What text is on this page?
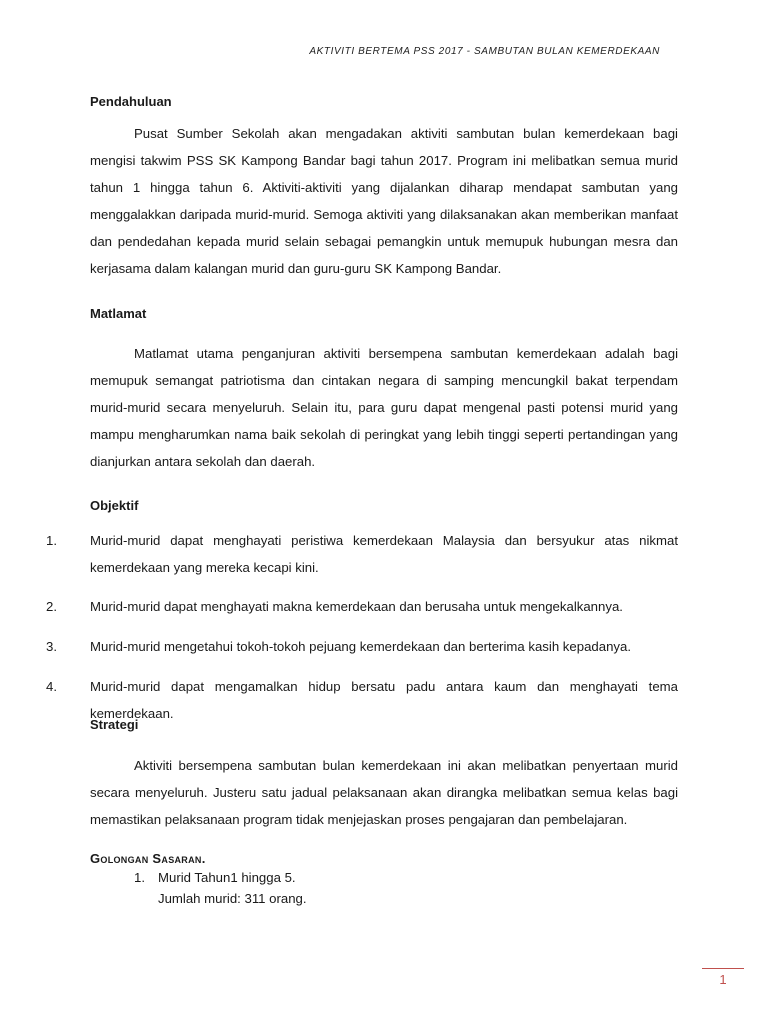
AKTIVITI BERTEMA PSS 2017 - SAMBUTAN BULAN KEMERDEKAAN
Pendahuluan

Pusat Sumber Sekolah akan mengadakan aktiviti sambutan bulan kemerdekaan bagi mengisi takwim PSS SK Kampong Bandar bagi tahun 2017. Program ini melibatkan semua murid tahun 1 hingga tahun 6. Aktiviti-aktiviti yang dijalankan diharap mendapat sambutan yang menggalakkan daripada murid-murid. Semoga aktiviti yang dilaksanakan akan memberikan manfaat dan pendedahan kepada murid selain sebagai pemangkin untuk memupuk hubungan mesra dan kerjasama dalam kalangan murid dan guru-guru SK Kampong Bandar.

Matlamat

Matlamat utama penganjuran aktiviti bersempena sambutan kemerdekaan adalah bagi memupuk semangat patriotisma dan cintakan negara di samping mencungkil bakat terpendam murid-murid secara menyeluruh. Selain itu, para guru dapat mengenal pasti potensi murid yang mampu mengharumkan nama baik sekolah di peringkat yang lebih tinggi seperti pertandingan yang dianjurkan antara sekolah dan daerah.

Objektif
1.	Murid-murid dapat menghayati peristiwa kemerdekaan Malaysia dan bersyukur atas nikmat kemerdekaan yang mereka kecapi kini.
2.	Murid-murid dapat menghayati makna kemerdekaan dan berusaha untuk mengekalkannya.
3.	Murid-murid mengetahui tokoh-tokoh pejuang kemerdekaan dan berterima kasih kepadanya.
4.	Murid-murid dapat mengamalkan hidup bersatu padu antara kaum dan menghayati tema kemerdekaan.
Strategi

Aktiviti bersempena sambutan bulan kemerdekaan ini akan melibatkan penyertaan murid secara menyeluruh. Justeru satu jadual pelaksanaan akan dirangka melibatkan semua kelas bagi memastikan pelaksanaan program tidak menjejaskan proses pengajaran dan pembelajaran.

Golongan Sasaran.
1. Murid Tahun1 hingga 5.
Jumlah murid: 311 orang.
1
